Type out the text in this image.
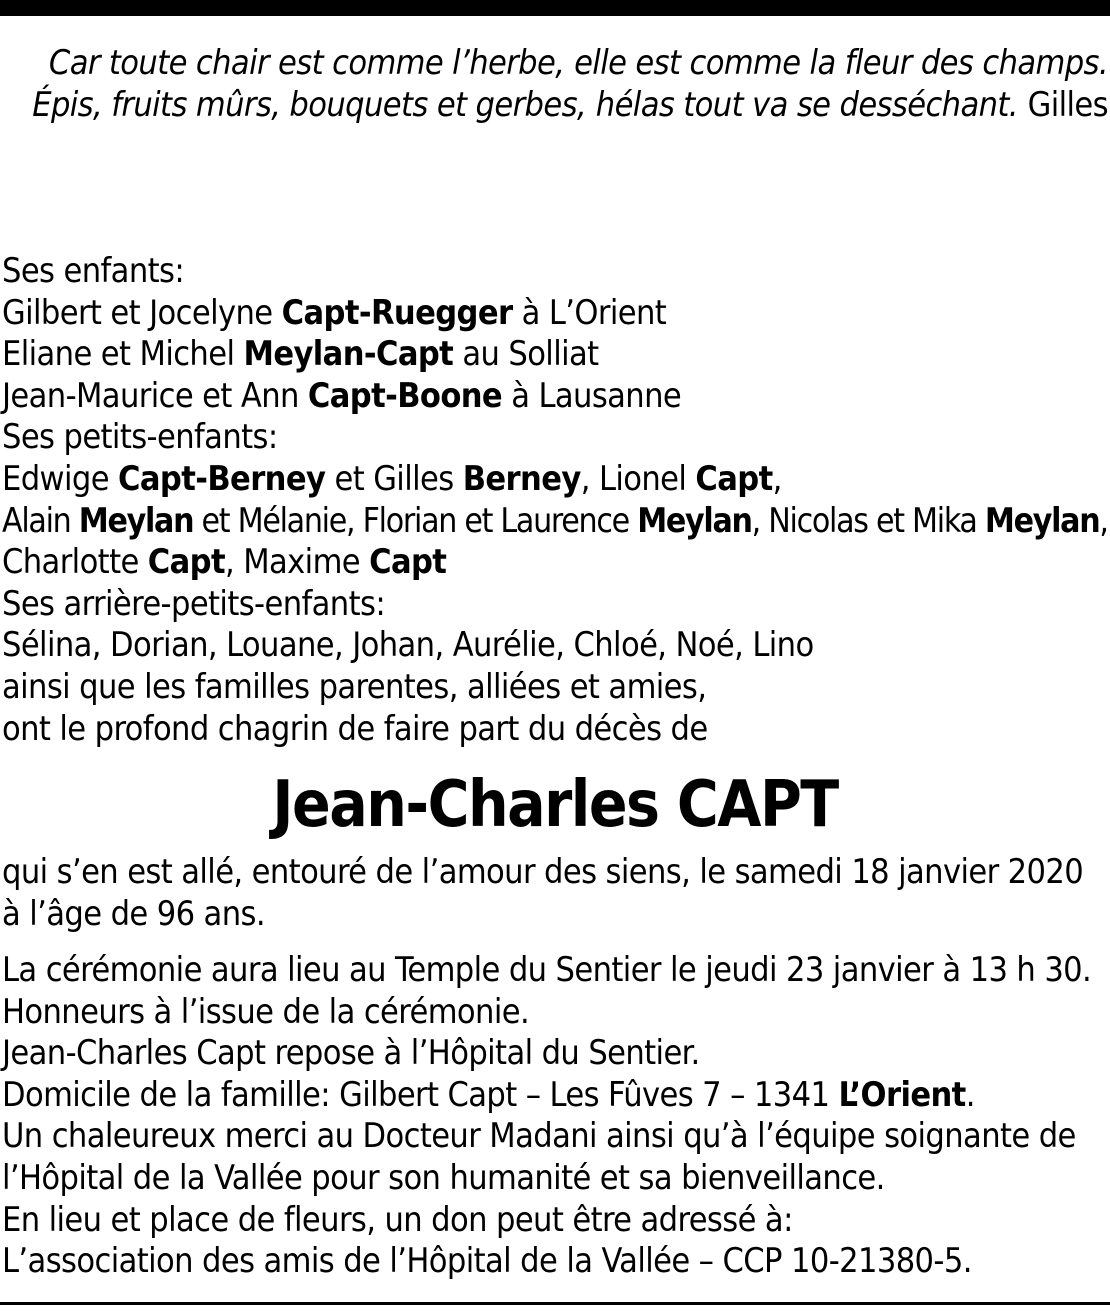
Car toute chair est comme l’herbe, elle est comme la fleur des champs. Épis, fruits mûrs, bouquets et gerbes, hélas tout va se desséchant. Gilles
Ses enfants:
Gilbert et Jocelyne Capt-Ruegger à L’Orient
Eliane et Michel Meylan-Capt au Solliat
Jean-Maurice et Ann Capt-Boone à Lausanne
Ses petits-enfants:
Edwige Capt-Berney et Gilles Berney, Lionel Capt,
Alain Meylan et Mélanie, Florian et Laurence Meylan, Nicolas et Mika Meylan,
Charlotte Capt, Maxime Capt
Ses arrière-petits-enfants:
Sélina, Dorian, Louane, Johan, Aurélie, Chloé, Noé, Lino
ainsi que les familles parentes, alliées et amies,
ont le profond chagrin de faire part du décès de
Jean-Charles CAPT
qui s’en est allé, entouré de l’amour des siens, le samedi 18 janvier 2020
à l’âge de 96 ans.
La cérémonie aura lieu au Temple du Sentier le jeudi 23 janvier à 13 h 30.
Honneurs à l’issue de la cérémonie.
Jean-Charles Capt repose à l’Hôpital du Sentier.
Domicile de la famille: Gilbert Capt – Les Fûves 7 – 1341 L’Orient.
Un chaleureux merci au Docteur Madani ainsi qu’à l’équipe soignante de
l’Hôpital de la Vallée pour son humanité et sa bienveillance.
En lieu et place de fleurs, un don peut être adressé à:
L’association des amis de l’Hôpital de la Vallée – CCP 10-21380-5.
